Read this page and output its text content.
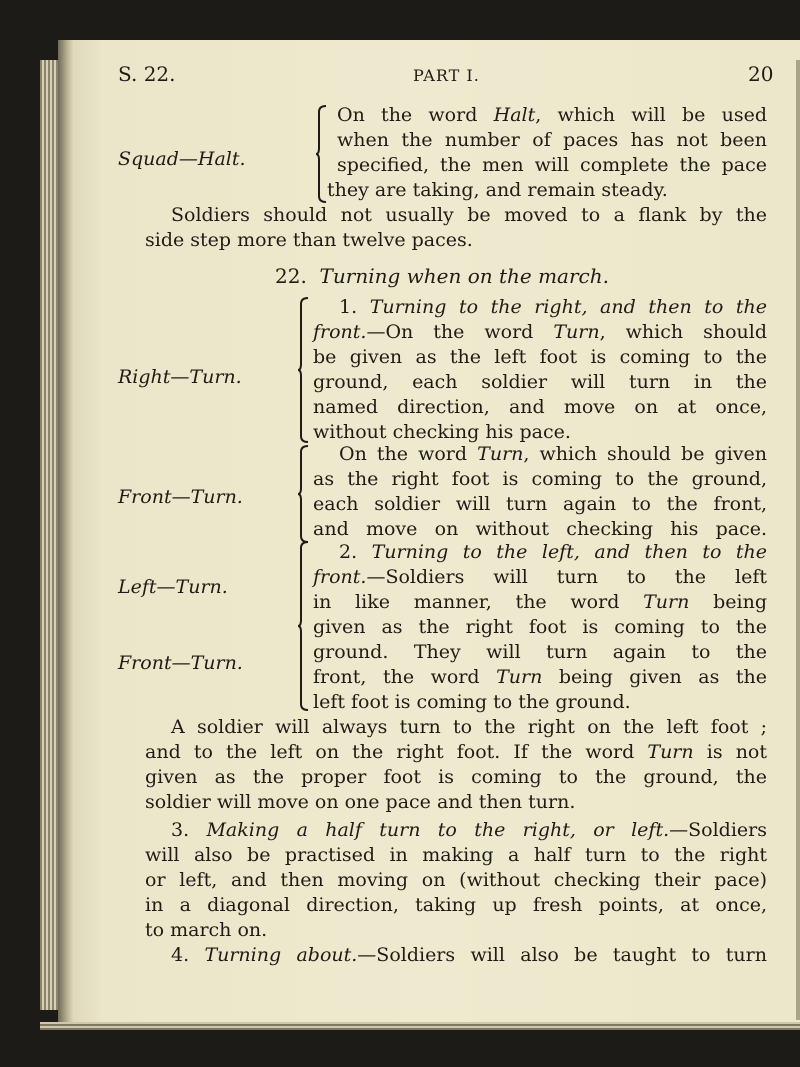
S. 22.	PART I.	20
Squad—Halt.
On the word Halt, which will be used
when the number of paces has not been
specified, the men will complete the pace
they are taking, and remain steady.
Soldiers should not usually be moved to a flank by the
side step more than twelve paces.
22. Turning when on the march.
Right—Turn.
1. Turning to the right, and then to the
front.—On the word Turn, which should
be given as the left foot is coming to the
ground, each soldier will turn in the
named direction, and move on at once,
without checking his pace.
Front—Turn.
On the word Turn, which should be given
as the right foot is coming to the ground,
each soldier will turn again to the front,
and move on without checking his pace.
Left—Turn.
Front—Turn.
2. Turning to the left, and then to the
front.—Soldiers will turn to the left
in like manner, the word Turn being
given as the right foot is coming to the
ground. They will turn again to the
front, the word Turn being given as the
left foot is coming to the ground.
A soldier will always turn to the right on the left foot ;
and to the left on the right foot. If the word Turn is not
given as the proper foot is coming to the ground, the
soldier will move on one pace and then turn.
3. Making a half turn to the right, or left.—Soldiers
will also be practised in making a half turn to the right
or left, and then moving on (without checking their pace)
in a diagonal direction, taking up fresh points, at once,
to march on.
4. Turning about.—Soldiers will also be taught to turn
